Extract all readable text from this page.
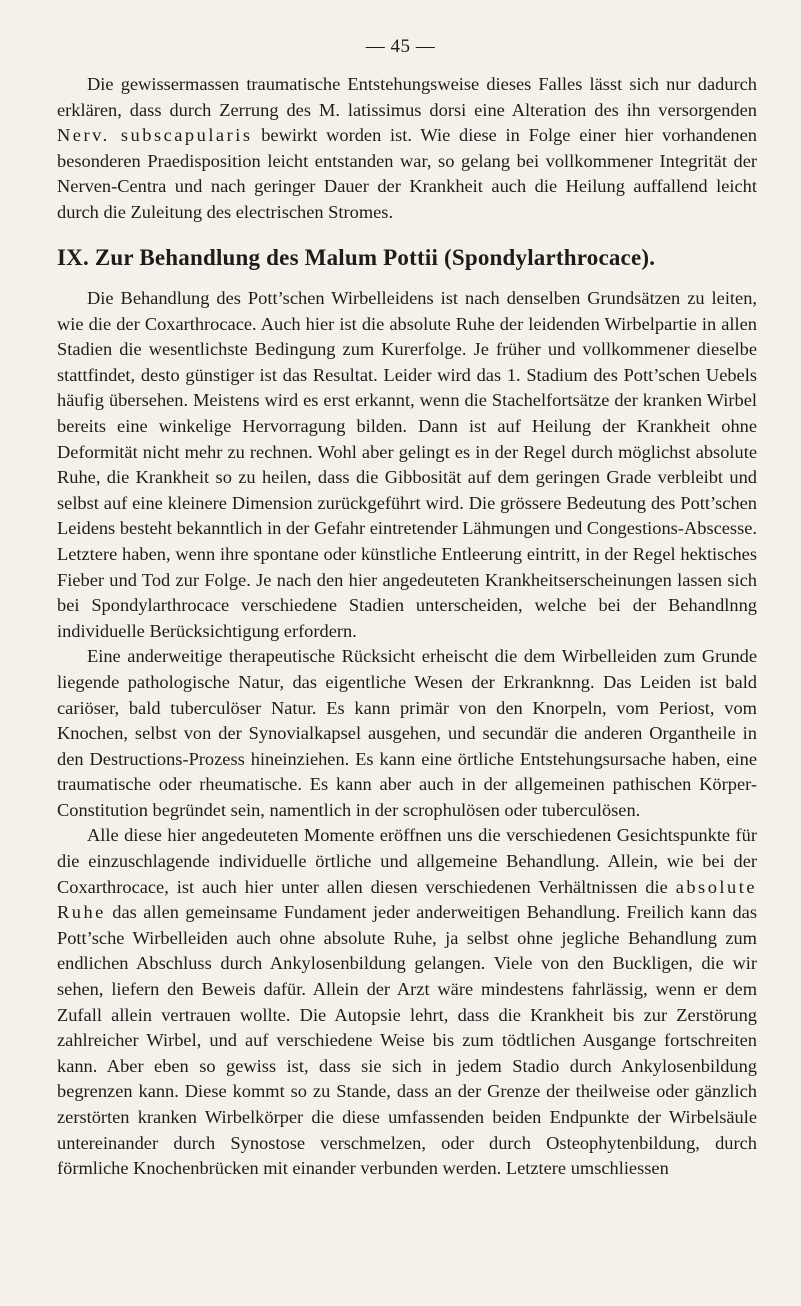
— 45 —

Die gewissermassen traumatische Entstehungsweise dieses Falles lässt sich nur dadurch erklären, dass durch Zerrung des M. latissimus dorsi eine Alteration des ihn versorgenden Nerv. subscapularis bewirkt worden ist. Wie diese in Folge einer hier vorhandenen besonderen Praedisposition leicht entstanden war, so gelang bei vollkommener Integrität der Nerven-Centra und nach geringer Dauer der Krankheit auch die Heilung auffallend leicht durch die Zuleitung des electrischen Stromes.

IX. Zur Behandlung des Malum Pottii (Spondylarthrocace).

Die Behandlung des Pott’schen Wirbelleidens ist nach denselben Grundsätzen zu leiten, wie die der Coxarthrocace. Auch hier ist die absolute Ruhe der leidenden Wirbelpartie in allen Stadien die wesentlichste Bedingung zum Kurerfolge. Je früher und vollkommener dieselbe stattfindet, desto günstiger ist das Resultat. Leider wird das 1. Stadium des Pott’schen Uebels häufig übersehen. Meistens wird es erst erkannt, wenn die Stachelfortsätze der kranken Wirbel bereits eine winkelige Hervorragung bilden. Dann ist auf Heilung der Krankheit ohne Deformität nicht mehr zu rechnen. Wohl aber gelingt es in der Regel durch möglichst absolute Ruhe, die Krankheit so zu heilen, dass die Gibbosität auf dem geringen Grade verbleibt und selbst auf eine kleinere Dimension zurückgeführt wird. Die grössere Bedeutung des Pott’schen Leidens besteht bekanntlich in der Gefahr eintretender Lähmungen und Congestions-Abscesse. Letztere haben, wenn ihre spontane oder künstliche Entleerung eintritt, in der Regel hektisches Fieber und Tod zur Folge. Je nach den hier angedeuteten Krankheitserscheinungen lassen sich bei Spondylarthrocace verschiedene Stadien unterscheiden, welche bei der Behandlnng individuelle Berücksichtigung erfordern.

Eine anderweitige therapeutische Rücksicht erheischt die dem Wirbelleiden zum Grunde liegende pathologische Natur, das eigentliche Wesen der Erkranknng. Das Leiden ist bald cariöser, bald tuberculöser Natur. Es kann primär von den Knorpeln, vom Periost, vom Knochen, selbst von der Synovialkapsel ausgehen, und secundär die anderen Organtheile in den Destructions-Prozess hineinziehen. Es kann eine örtliche Entstehungsursache haben, eine traumatische oder rheumatische. Es kann aber auch in der allgemeinen pathischen Körper-Constitution begründet sein, namentlich in der scrophulösen oder tuberculösen.

Alle diese hier angedeuteten Momente eröffnen uns die verschiedenen Gesichtspunkte für die einzuschlagende individuelle örtliche und allgemeine Behandlung. Allein, wie bei der Coxarthrocace, ist auch hier unter allen diesen verschiedenen Verhältnissen die absolute Ruhe das allen gemeinsame Fundament jeder anderweitigen Behandlung. Freilich kann das Pott’sche Wirbelleiden auch ohne absolute Ruhe, ja selbst ohne jegliche Behandlung zum endlichen Abschluss durch Ankylosenbildung gelangen. Viele von den Buckligen, die wir sehen, liefern den Beweis dafür. Allein der Arzt wäre mindestens fahrlässig, wenn er dem Zufall allein vertrauen wollte. Die Autopsie lehrt, dass die Krankheit bis zur Zerstörung zahlreicher Wirbel, und auf verschiedene Weise bis zum tödtlichen Ausgange fortschreiten kann. Aber eben so gewiss ist, dass sie sich in jedem Stadio durch Ankylosenbildung begrenzen kann. Diese kommt so zu Stande, dass an der Grenze der theilweise oder gänzlich zerstörten kranken Wirbelkörper die diese umfassenden beiden Endpunkte der Wirbelsäule untereinander durch Synostose verschmelzen, oder durch Osteophytenbildung, durch förmliche Knochenbrücken mit einander verbunden werden. Letztere umschliessen
